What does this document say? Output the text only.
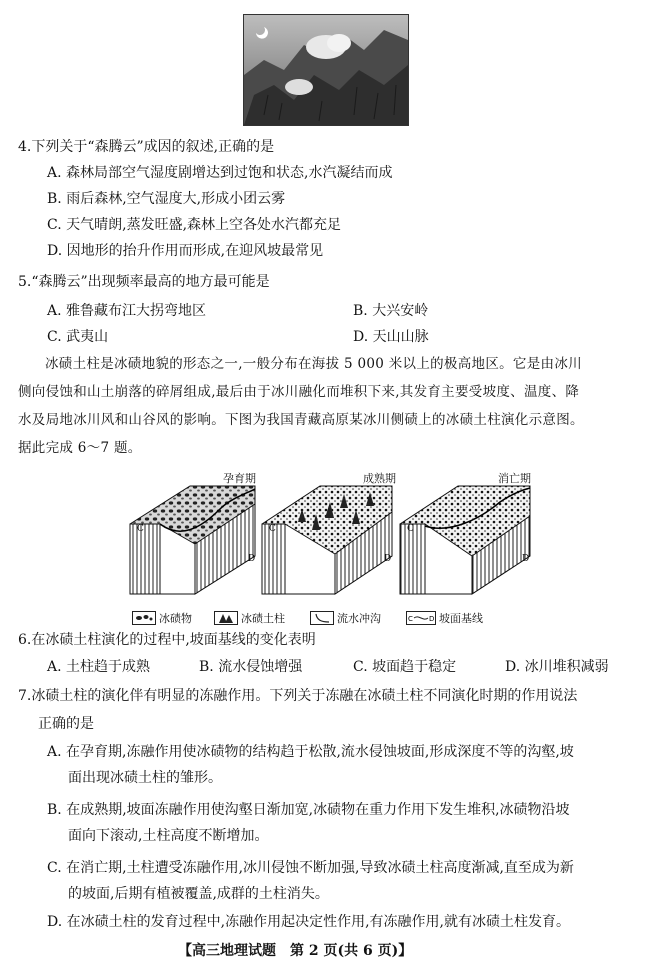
4.下列关于“森腾云”成因的叙述,正确的是
A. 森林局部空气湿度剧增达到过饱和状态,水汽凝结而成
B. 雨后森林,空气湿度大,形成小团云雾
C. 天气晴朗,蒸发旺盛,森林上空各处水汽都充足
D. 因地形的抬升作用而形成,在迎风坡最常见
5.“森腾云”出现频率最高的地方最可能是
A. 雅鲁藏布江大拐弯地区	B. 大兴安岭
C. 武夷山	D. 天山山脉
冰碛土柱是冰碛地貌的形态之一,一般分布在海拔 5 000 米以上的极高地区。它是由冰川
侧向侵蚀和山土崩落的碎屑组成,最后由于冰川融化而堆积下来,其发育主要受坡度、温度、降
水及局地冰川风和山谷风的影响。下图为我国青藏高原某冰川侧碛上的冰碛土柱演化示意图。
据此完成 6～7 题。
孕育期	成熟期	消亡期
C
D
C
D
C
D
冰碛物	冰碛土柱	流水冲沟	C D 坡面基线
6.在冰碛土柱演化的过程中,坡面基线的变化表明
A. 土柱趋于成熟	B. 流水侵蚀增强	C. 坡面趋于稳定	D. 冰川堆积减弱
7.冰碛土柱的演化伴有明显的冻融作用。下列关于冻融在冰碛土柱不同演化时期的作用说法
正确的是
A. 在孕育期,冻融作用使冰碛物的结构趋于松散,流水侵蚀坡面,形成深度不等的沟壑,坡
面出现冰碛土柱的雏形。
B. 在成熟期,坡面冻融作用使沟壑日渐加宽,冰碛物在重力作用下发生堆积,冰碛物沿坡
面向下滚动,土柱高度不断增加。
C. 在消亡期,土柱遭受冻融作用,冰川侵蚀不断加强,导致冰碛土柱高度渐减,直至成为新
的坡面,后期有植被覆盖,成群的土柱消失。
D. 在冰碛土柱的发育过程中,冻融作用起决定性作用,有冻融作用,就有冰碛土柱发育。
【高三地理试题　第 2 页(共 6 页)】
